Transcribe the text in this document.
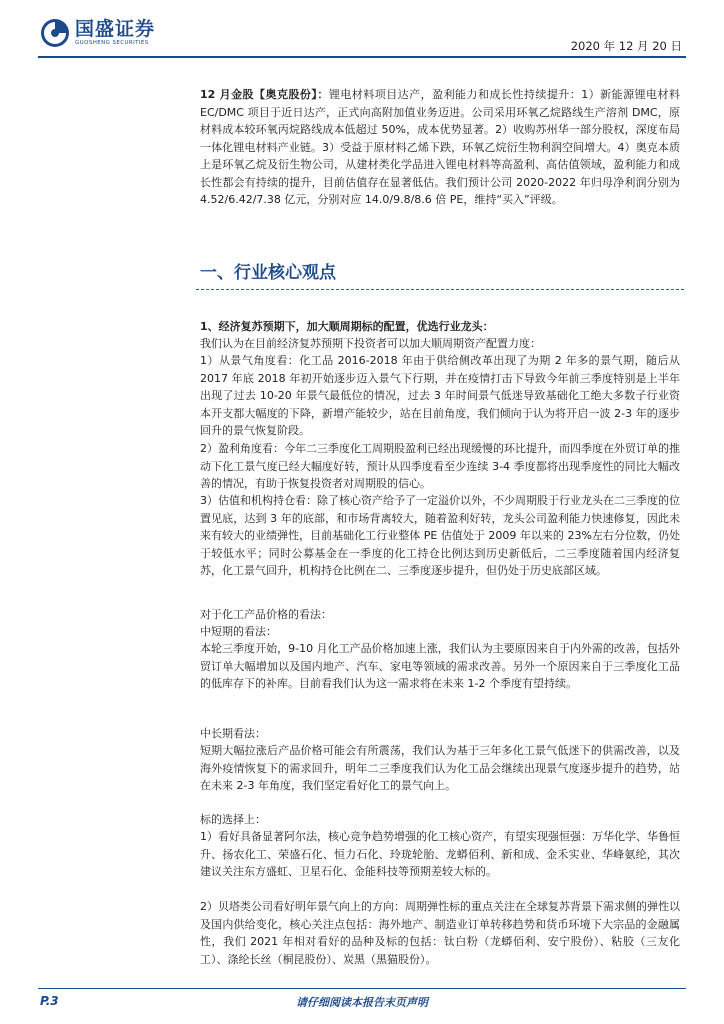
国盛证券
GUOSHENG SECURITIES	2020 年 12 月 20 日

12 月金股【奥克股份】：锂电材料项目达产，盈利能力和成长性持续提升：1）新能源锂电材料 EC/DMC 项目于近日达产，正式向高附加值业务迈进。公司采用环氧乙烷路线生产溶剂 DMC，原材料成本较环氧丙烷路线成本低超过 50%，成本优势显著。2）收购苏州华一部分股权，深度布局一体化锂电材料产业链。3）受益于原材料乙烯下跌，环氧乙烷衍生物利润空间增大。4）奥克本质上是环氧乙烷及衍生物公司，从建材类化学品进入锂电材料等高盈利、高估值领域，盈利能力和成长性都会有持续的提升，目前估值存在显著低估。我们预计公司 2020-2022 年归母净利润分别为 4.52/6.42/7.38 亿元，分别对应 14.0/9.8/8.6 倍 PE，维持“买入”评级。

一、行业核心观点

1、经济复苏预期下，加大顺周期标的配置，优选行业龙头：

我们认为在目前经济复苏预期下投资者可以加大顺周期资产配置力度：

1）从景气角度看：化工品 2016-2018 年由于供给侧改革出现了为期 2 年多的景气期，随后从 2017 年底 2018 年初开始逐步迈入景气下行期，并在疫情打击下导致今年前三季度特别是上半年出现了过去 10-20 年景气最低位的情况，过去 3 年时间景气低迷导致基础化工绝大多数子行业资本开支都大幅度的下降，新增产能较少，站在目前角度，我们倾向于认为将开启一波 2-3 年的逐步回升的景气恢复阶段。

2）盈利角度看：今年二三季度化工周期股盈利已经出现缓慢的环比提升，而四季度在外贸订单的推动下化工景气度已经大幅度好转，预计从四季度看至少连续 3-4 季度都将出现季度性的同比大幅改善的情况，有助于恢复投资者对周期股的信心。

3）估值和机构持仓看：除了核心资产给予了一定溢价以外，不少周期股于行业龙头在二三季度的位置见底，达到 3 年的底部，和市场背离较大，随着盈利好转，龙头公司盈利能力快速修复，因此未来有较大的业绩弹性，目前基础化工行业整体 PE 估值处于 2009 年以来的 23%左右分位数，仍处于较低水平；同时公募基金在一季度的化工持仓比例达到历史新低后，二三季度随着国内经济复苏，化工景气回升，机构持仓比例在二、三季度逐步提升，但仍处于历史底部区域。

对于化工产品价格的看法：

中短期的看法：

本轮三季度开始，9-10 月化工产品价格加速上涨，我们认为主要原因来自于内外需的改善，包括外贸订单大幅增加以及国内地产、汽车、家电等领域的需求改善。另外一个原因来自于三季度化工品的低库存下的补库。目前看我们认为这一需求将在未来 1-2 个季度有望持续。

中长期看法：

短期大幅拉涨后产品价格可能会有所震荡，我们认为基于三年多化工景气低迷下的供需改善，以及海外疫情恢复下的需求回升，明年二三季度我们认为化工品会继续出现景气度逐步提升的趋势，站在未来 2-3 年角度，我们坚定看好化工的景气向上。

标的选择上：

1）看好具备显著阿尔法，核心竞争趋势增强的化工核心资产，有望实现强恒强：万华化学、华鲁恒升、扬农化工、荣盛石化、恒力石化、玲珑轮胎、龙蟒佰利、新和成、金禾实业、华峰氨纶，其次建议关注东方盛虹、卫星石化、金能科技等预期差较大标的。

2）贝塔类公司看好明年景气向上的方向：周期弹性标的重点关注在全球复苏背景下需求侧的弹性以及国内供给变化，核心关注点包括：海外地产、制造业订单转移趋势和货币环境下大宗品的金融属性，我们 2021 年相对看好的品种及标的包括：钛白粉（龙蟒佰利、安宁股份）、粘胶（三友化工）、涤纶长丝（桐昆股份）、炭黑（黑猫股份）。

请仔细阅读本报告末页声明
P.3
